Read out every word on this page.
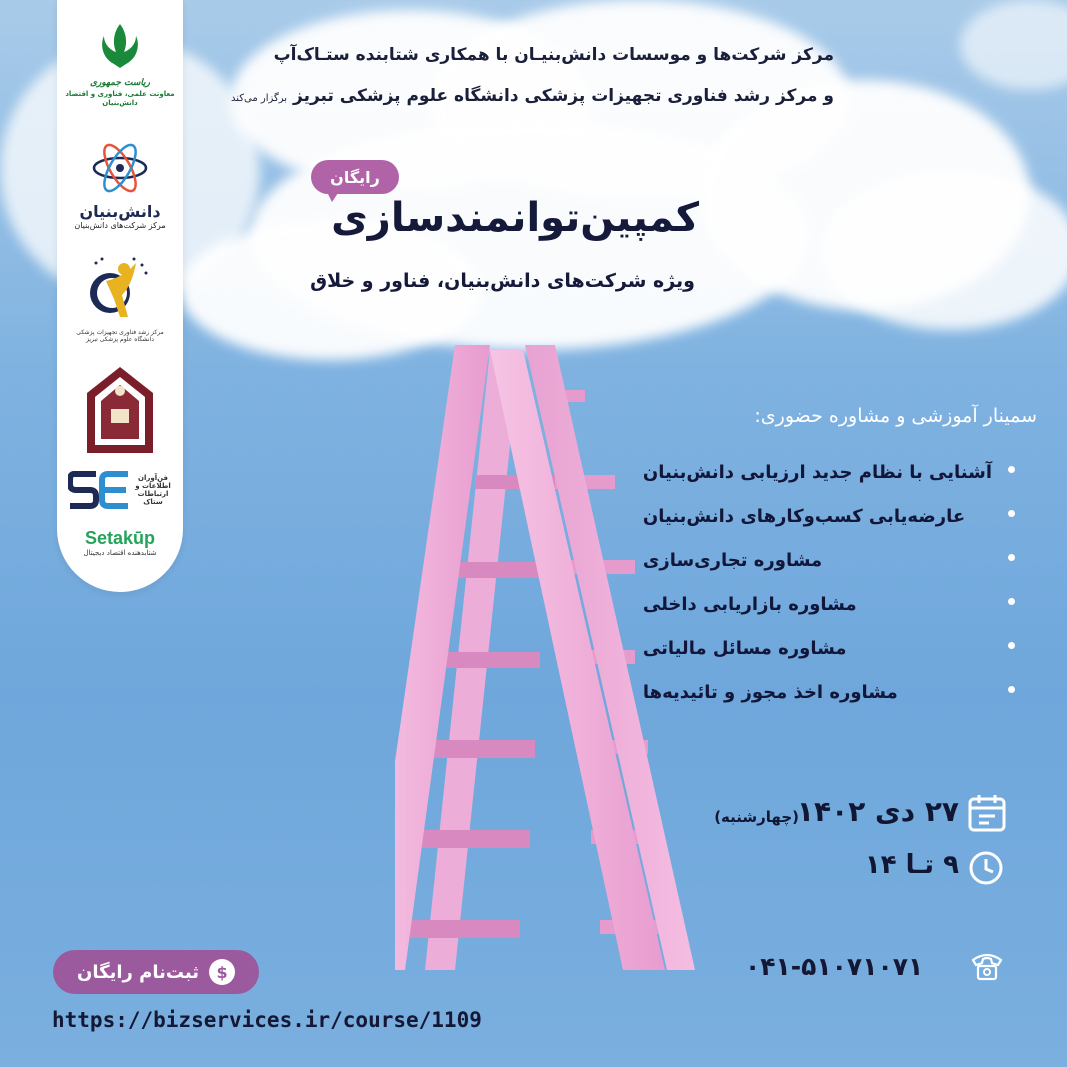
ریاست جمهوری
معاونت علمی، فناوری و اقتصاد دانش‌بنیان
دانش‌بنیان
مرکز شرکت‌های دانش‌بنیان
مرکز رشد فناوری تجهیزات پزشکی
دانشگاه علوم پزشکی تبریز
فن‌آوران اطلاعات و ارتباطات ستاک
Setakūp
شتابدهنده اقتصاد دیجیتال
مرکز شرکت‌ها و موسسات دانش‌بنیـان با همکاری شتابنده ستـاک‌آپ
و مرکز رشد فناوری تجهیزات پزشکی دانشگاه علوم پزشکی تبریز برگزار می‌کند
رایگان
کمپین‌توانمندسازی
ویژه شرکت‌های دانش‌بنیان، فناور و خلاق
سمینار آموزشی و مشاوره حضوری:
آشنایی با نظام جدید ارزیابی دانش‌بنیان
عارضه‌یابی کسب‌وکارهای دانش‌بنیان
مشاوره تجاری‌سازی
مشاوره بازاریابی داخلی
مشاوره مسائل مالیاتی
مشاوره اخذ مجوز و تائیدیه‌ها
۲۷ دی ۱۴۰۲
(چهارشنبه)
۹ تـا ۱۴
۰۴۱-۵۱۰۷۱۰۷۱
$
ثبت‌نام رایگان
https://bizservices.ir/course/1109
